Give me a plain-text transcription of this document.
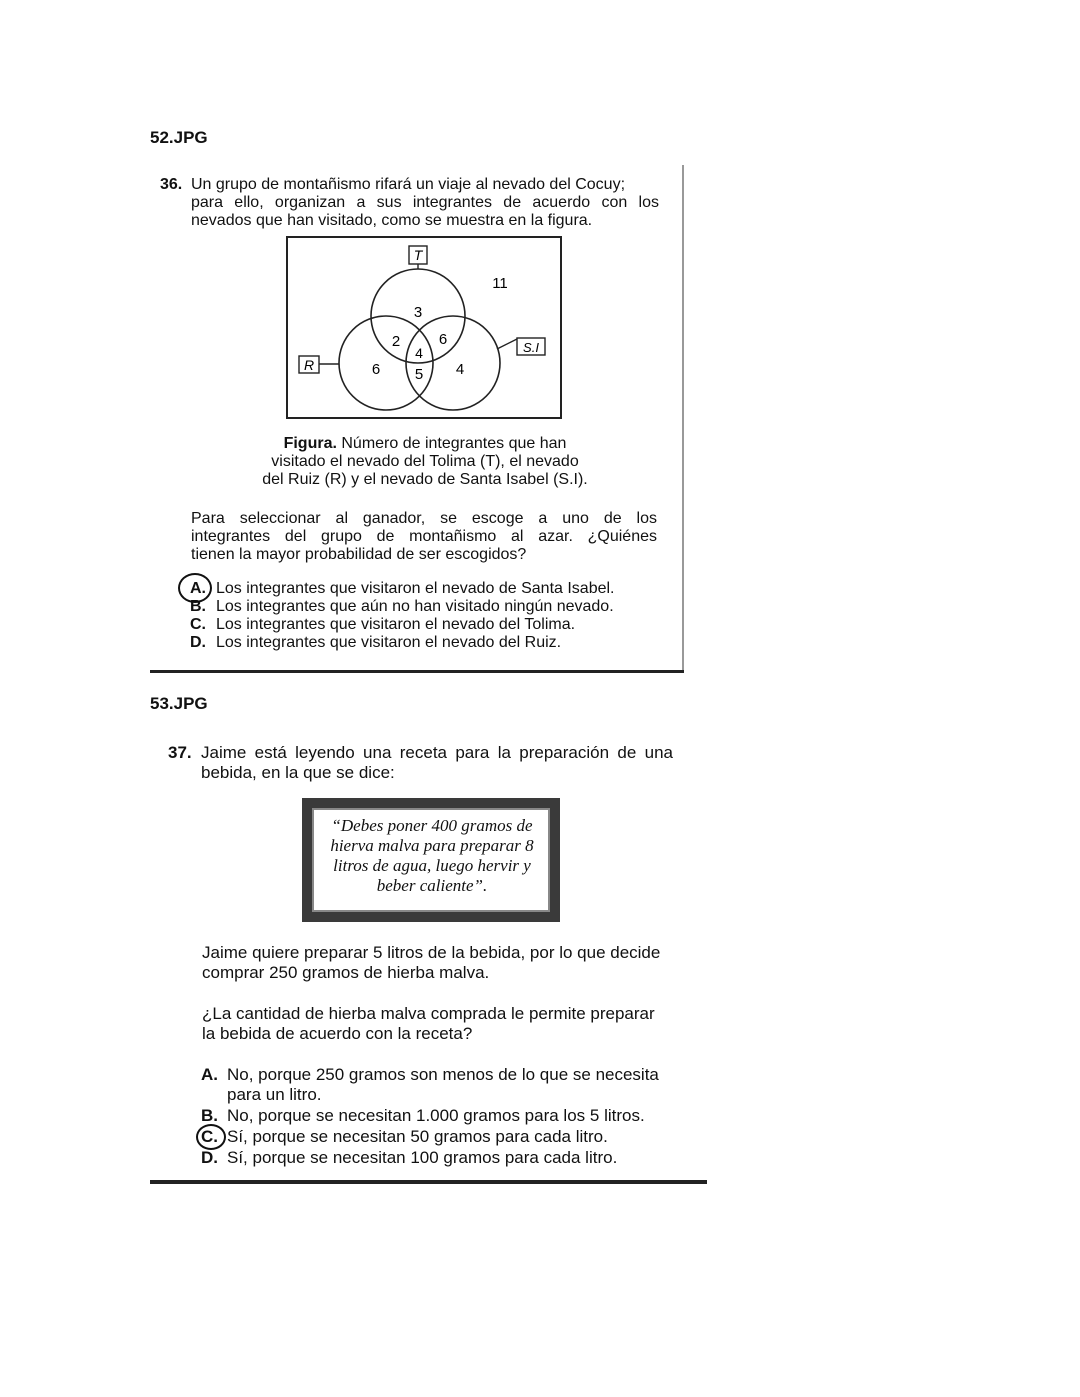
52.JPG
36. Un grupo de montañismo rifará un viaje al nevado del Cocuy;
para ello, organizan a sus integrantes de acuerdo con los
nevados que han visitado, como se muestra en la figura.
T
R
S.I
3
6	4
2	6
5
4
11
Figura. Número de integrantes que han
visitado el nevado del Tolima (T), el nevado
del Ruiz (R) y el nevado de Santa Isabel (S.I).
Para seleccionar al ganador, se escoge a uno de los
integrantes del grupo de montañismo al azar. ¿Quiénes
tienen la mayor probabilidad de ser escogidos?
A. Los integrantes que visitaron el nevado de Santa Isabel.
B. Los integrantes que aún no han visitado ningún nevado.
C. Los integrantes que visitaron el nevado del Tolima.
D. Los integrantes que visitaron el nevado del Ruiz.
53.JPG
37. Jaime está leyendo una receta para la preparación de una
bebida, en la que se dice:
“Debes poner 400 gramos de
hierva malva para preparar 8
litros de agua, luego hervir y
beber caliente”.
Jaime quiere preparar 5 litros de la bebida, por lo que decide
comprar 250 gramos de hierba malva.
¿La cantidad de hierba malva comprada le permite preparar
la bebida de acuerdo con la receta?
A. No, porque 250 gramos son menos de lo que se necesita
para un litro.
B. No, porque se necesitan 1.000 gramos para los 5 litros.
C. Sí, porque se necesitan 50 gramos para cada litro.
D. Sí, porque se necesitan 100 gramos para cada litro.
